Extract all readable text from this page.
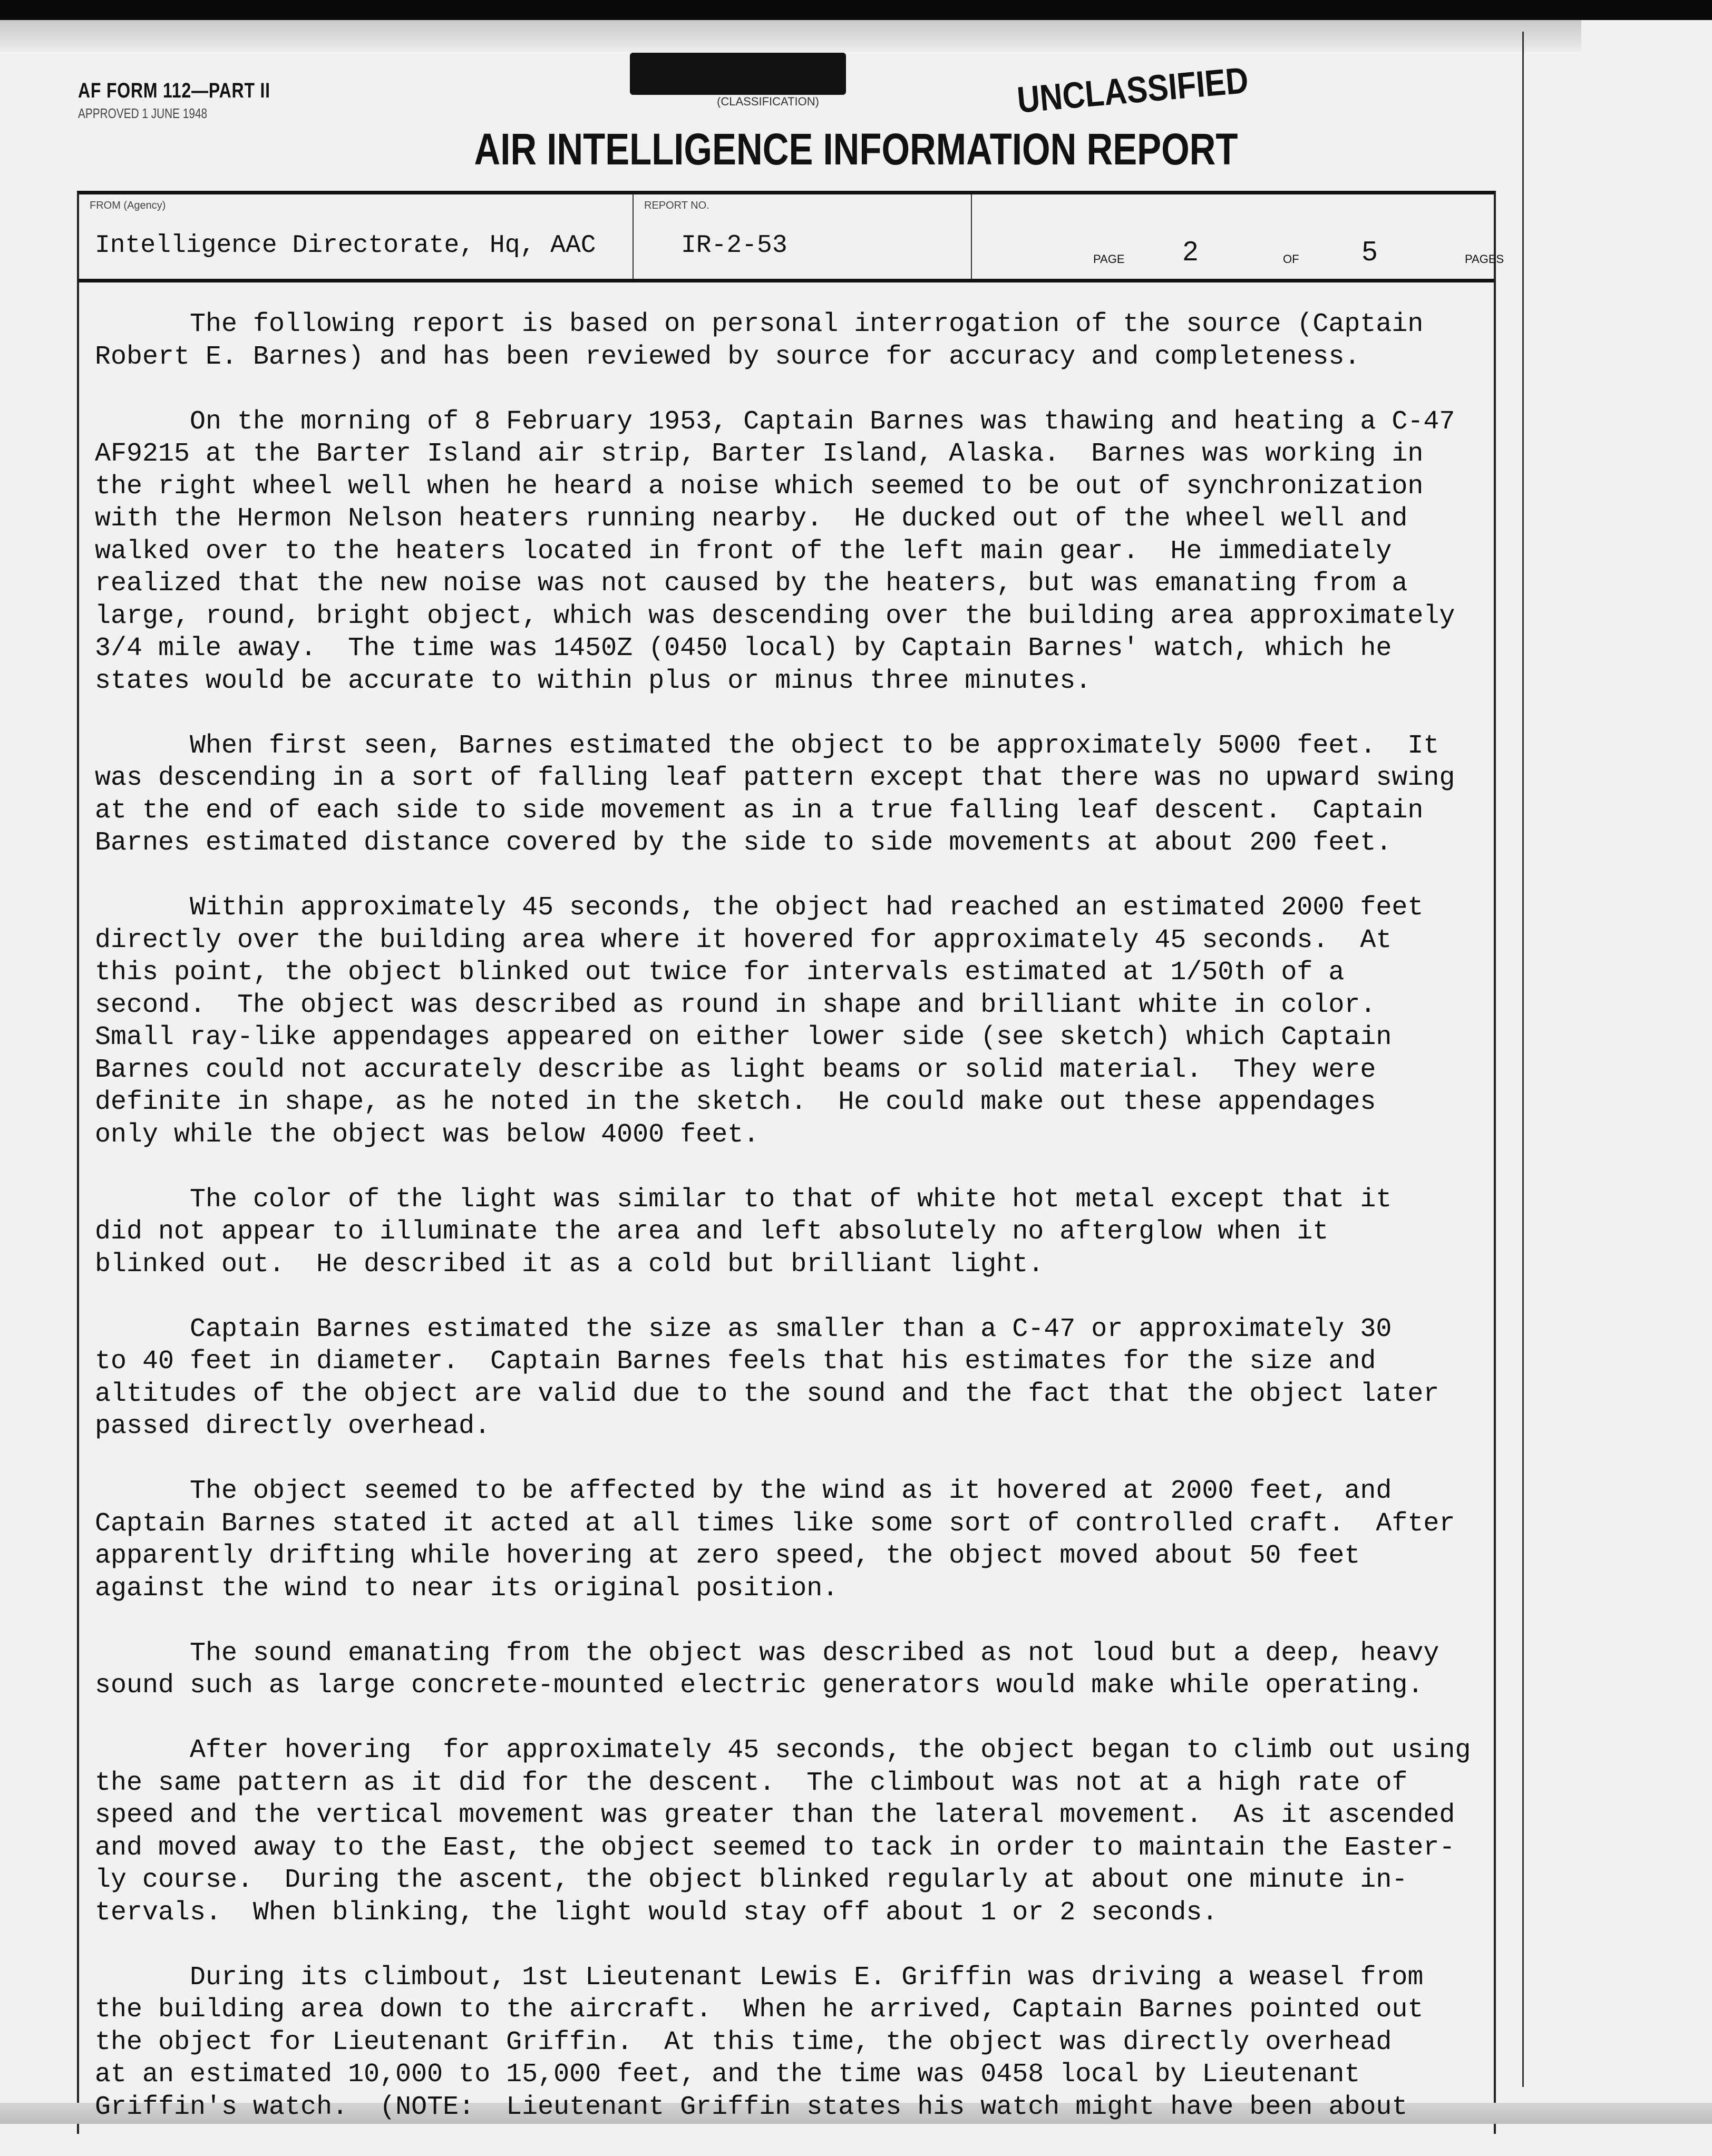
AF FORM 112—PART II
APPROVED 1 JUNE 1948
(CLASSIFICATION)	UNCLASSIFIED
AIR INTELLIGENCE INFORMATION REPORT
FROM (Agency)
Intelligence Directorate, Hq, AAC
REPORT NO.
IR-2-53	PAGE 2	OF 5	PAGES
The following report is based on personal interrogation of the source (Captain
Robert E. Barnes) and has been reviewed by source for accuracy and completeness.
On the morning of 8 February 1953, Captain Barnes was thawing and heating a C-47
AF9215 at the Barter Island air strip, Barter Island, Alaska.  Barnes was working in
the right wheel well when he heard a noise which seemed to be out of synchronization
with the Hermon Nelson heaters running nearby.  He ducked out of the wheel well and
walked over to the heaters located in front of the left main gear.  He immediately
realized that the new noise was not caused by the heaters, but was emanating from a
large, round, bright object, which was descending over the building area approximately
3/4 mile away.  The time was 1450Z (0450 local) by Captain Barnes' watch, which he
states would be accurate to within plus or minus three minutes.
When first seen, Barnes estimated the object to be approximately 5000 feet.  It
was descending in a sort of falling leaf pattern except that there was no upward swing
at the end of each side to side movement as in a true falling leaf descent.  Captain
Barnes estimated distance covered by the side to side movements at about 200 feet.
Within approximately 45 seconds, the object had reached an estimated 2000 feet
directly over the building area where it hovered for approximately 45 seconds.  At
this point, the object blinked out twice for intervals estimated at 1/50th of a
second.  The object was described as round in shape and brilliant white in color.
Small ray-like appendages appeared on either lower side (see sketch) which Captain
Barnes could not accurately describe as light beams or solid material.  They were
definite in shape, as he noted in the sketch.  He could make out these appendages
only while the object was below 4000 feet.
The color of the light was similar to that of white hot metal except that it
did not appear to illuminate the area and left absolutely no afterglow when it
blinked out.  He described it as a cold but brilliant light.
Captain Barnes estimated the size as smaller than a C-47 or approximately 30
to 40 feet in diameter.  Captain Barnes feels that his estimates for the size and
altitudes of the object are valid due to the sound and the fact that the object later
passed directly overhead.
The object seemed to be affected by the wind as it hovered at 2000 feet, and
Captain Barnes stated it acted at all times like some sort of controlled craft.  After
apparently drifting while hovering at zero speed, the object moved about 50 feet
against the wind to near its original position.
The sound emanating from the object was described as not loud but a deep, heavy
sound such as large concrete-mounted electric generators would make while operating.
After hovering  for approximately 45 seconds, the object began to climb out using
the same pattern as it did for the descent.  The climbout was not at a high rate of
speed and the vertical movement was greater than the lateral movement.  As it ascended
and moved away to the East, the object seemed to tack in order to maintain the Easter-
ly course.  During the ascent, the object blinked regularly at about one minute in-
tervals.  When blinking, the light would stay off about 1 or 2 seconds.
During its climbout, 1st Lieutenant Lewis E. Griffin was driving a weasel from
the building area down to the aircraft.  When he arrived, Captain Barnes pointed out
the object for Lieutenant Griffin.  At this time, the object was directly overhead
at an estimated 10,000 to 15,000 feet, and the time was 0458 local by Lieutenant
Griffin's watch.  (NOTE:  Lieutenant Griffin states his watch might have been about
